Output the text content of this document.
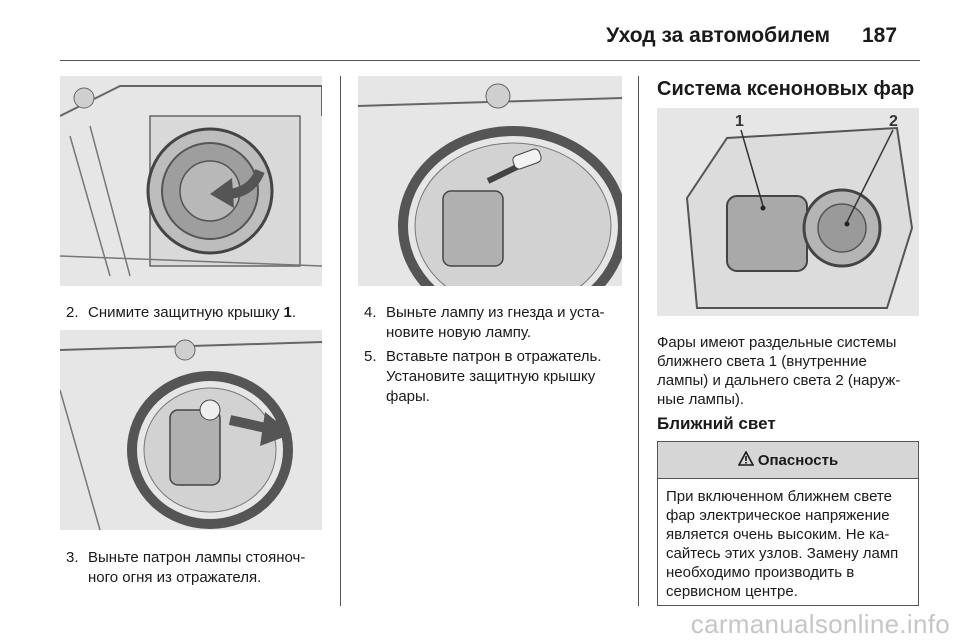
Уход за автомобилем 187
2. Снимите защитную крышку 1.
3. Выньте патрон лампы стояноч-ного огня из отражателя.
4. Выньте лампу из гнезда и уста-новите новую лампу.
5. Вставьте патрон в отражатель. Установите защитную крышку фары.
Система ксеноновых фар
1	2
Фары имеют раздельные системы ближнего света 1 (внутренние лампы) и дальнего света 2 (наруж-ные лампы).
Ближний свет
Опасность
При включенном ближнем свете фар электрическое напряжение является очень высоким. Не ка-сайтесь этих узлов. Замену ламп необходимо производить в сервисном центре.
carmanualsonline.info
